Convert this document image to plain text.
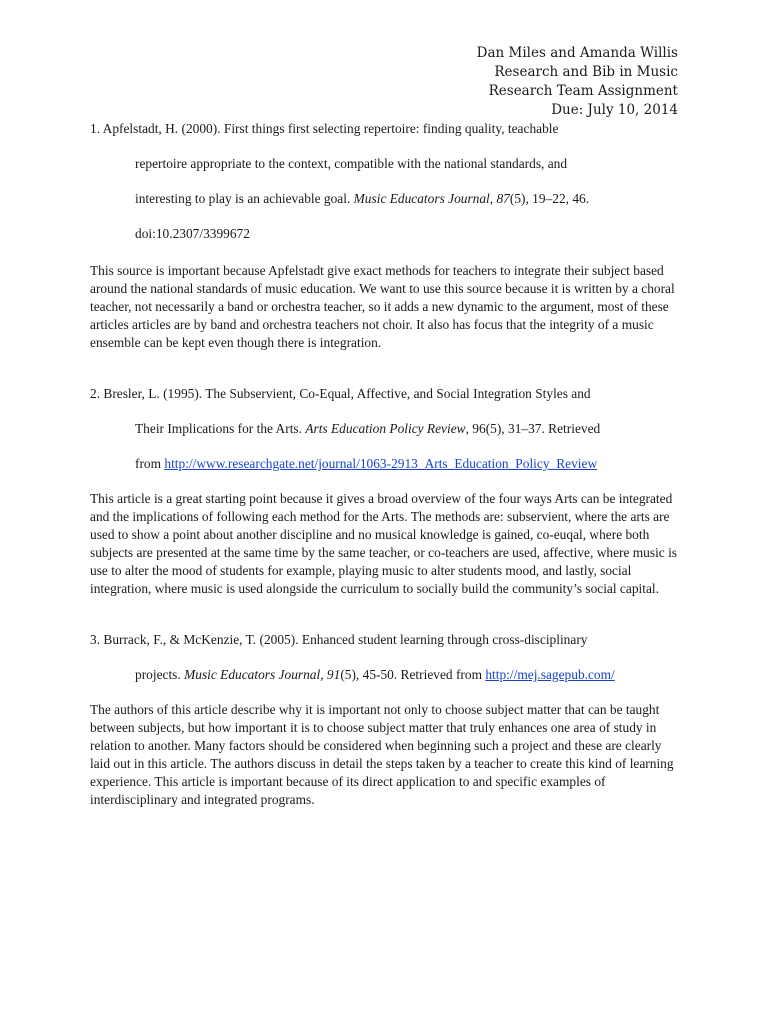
Dan Miles and Amanda Willis
Research and Bib in Music
Research Team Assignment
Due: July 10, 2014
1. Apfelstadt, H. (2000). First things first selecting repertoire: finding quality, teachable
repertoire appropriate to the context, compatible with the national standards, and
interesting to play is an achievable goal. Music Educators Journal, 87(5), 19–22, 46.
doi:10.2307/3399672
This source is important because Apfelstadt give exact methods for teachers to integrate their subject based around the national standards of music education. We want to use this source because it is written by a choral teacher, not necessarily a band or orchestra teacher, so it adds a new dynamic to the argument, most of these articles articles are by band and orchestra teachers not choir. It also has focus that the integrity of a music ensemble can be kept even though there is integration.
2. Bresler, L. (1995). The Subservient, Co-Equal, Affective, and Social Integration Styles and
Their Implications for the Arts. Arts Education Policy Review, 96(5), 31–37. Retrieved
from http://www.researchgate.net/journal/1063-2913_Arts_Education_Policy_Review
This article is a great starting point because it gives a broad overview of the four ways Arts can be integrated and the implications of following each method for the Arts. The methods are: subservient, where the arts are used to show a point about another discipline and no musical knowledge is gained, co-euqal, where both subjects are presented at the same time by the same teacher, or co-teachers are used, affective, where music is use to alter the mood of students for example, playing music to alter students mood, and lastly, social integration, where music is used alongside the curriculum to socially build the community’s social capital.
3. Burrack, F., & McKenzie, T. (2005). Enhanced student learning through cross-disciplinary
projects. Music Educators Journal, 91(5), 45-50. Retrieved from http://mej.sagepub.com/
The authors of this article describe why it is important not only to choose subject matter that can be taught between subjects, but how important it is to choose subject matter that truly enhances one area of study in relation to another. Many factors should be considered when beginning such a project and these are clearly laid out in this article. The authors discuss in detail the steps taken by a teacher to create this kind of learning experience. This article is important because of its direct application to and specific examples of interdisciplinary and integrated programs.
